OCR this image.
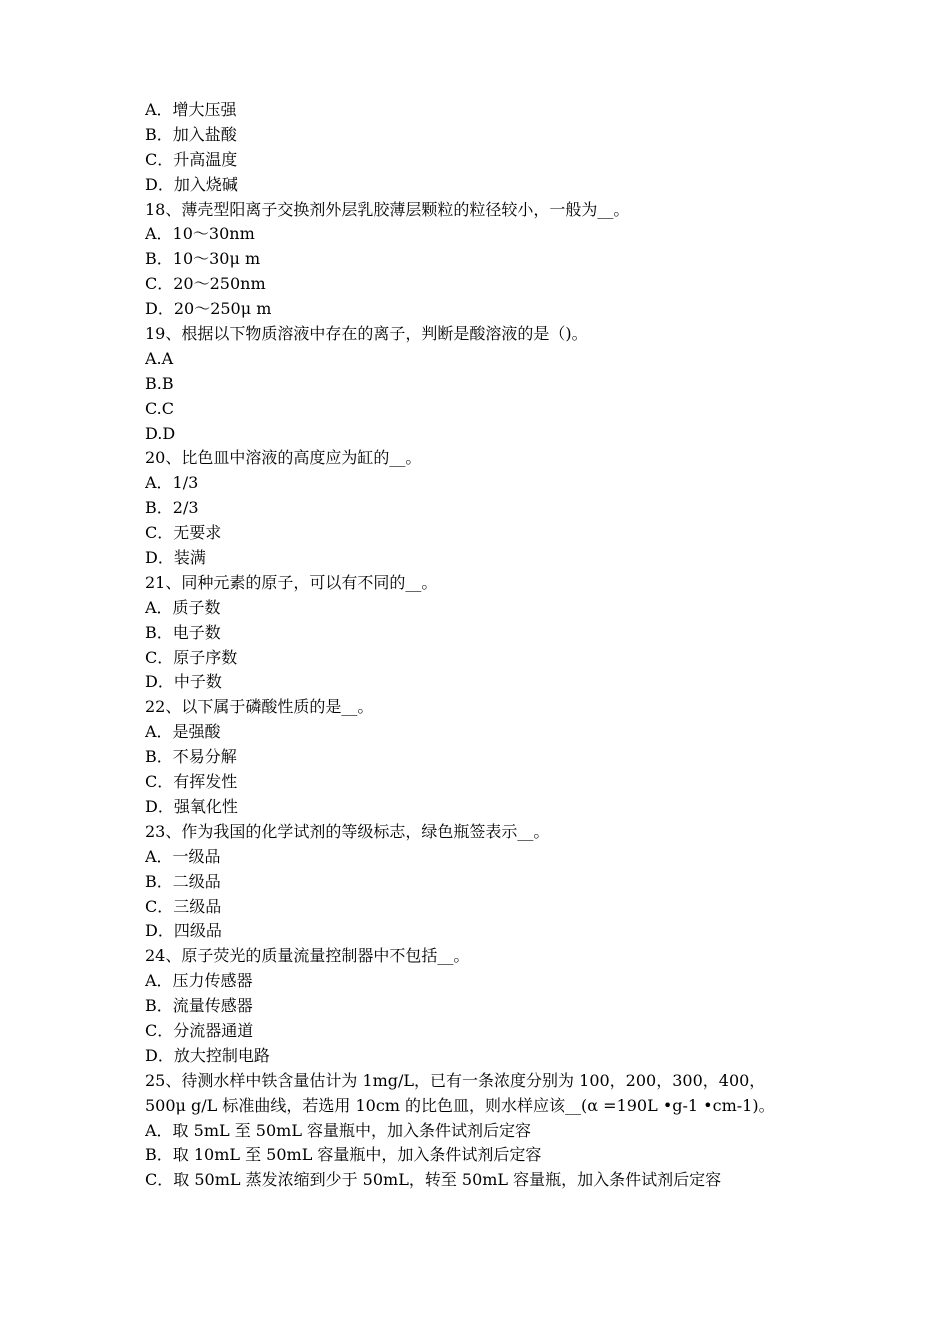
A．增大压强
B．加入盐酸
C．升高温度
D．加入烧碱
18、薄壳型阳离子交换剂外层乳胶薄层颗粒的粒径较小，一般为__。
A．10～30nm
B．10～30μ m
C．20～250nm
D．20～250μ m
19、根据以下物质溶液中存在的离子，判断是酸溶液的是（)。
A.A
B.B
C.C
D.D
20、比色皿中溶液的高度应为缸的__。
A．1/3
B．2/3
C．无要求
D．装满
21、同种元素的原子，可以有不同的__。
A．质子数
B．电子数
C．原子序数
D．中子数
22、以下属于磷酸性质的是__。
A．是强酸
B．不易分解
C．有挥发性
D．强氧化性
23、作为我国的化学试剂的等级标志，绿色瓶签表示__。
A．一级品
B．二级品
C．三级品
D．四级品
24、原子荧光的质量流量控制器中不包括__。
A．压力传感器
B．流量传感器
C．分流器通道
D．放大控制电路
25、待测水样中铁含量估计为 1mg/L，已有一条浓度分别为 100，200，300，400，
500μ g/L 标准曲线，若选用 10cm 的比色皿，则水样应该__(α =190L •g-1 •cm-1)。
A．取 5mL 至 50mL 容量瓶中，加入条件试剂后定容
B．取 10mL 至 50mL 容量瓶中，加入条件试剂后定容
C．取 50mL 蒸发浓缩到少于 50mL，转至 50mL 容量瓶，加入条件试剂后定容
